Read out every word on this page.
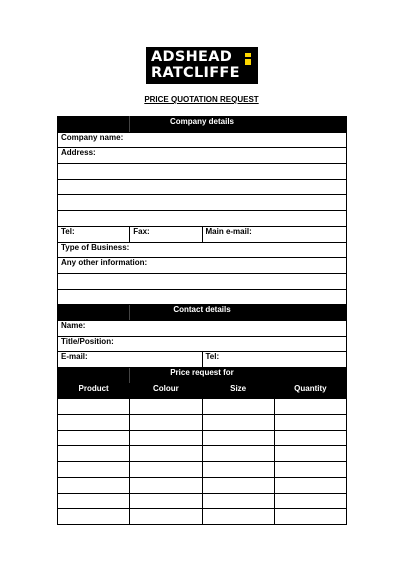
ADSHEAD
RATCLIFFE
PRICE QUOTATION REQUEST
	Company details		
Company name:			
Address:			

Tel:	Fax:	Main e-mail:	
Type of Business:			
Any other information:			

	Contact details		
Name:			
Title/Position:			
E-mail:		Tel:	
	Price request for		
Product	Colour	Size	Quantity
